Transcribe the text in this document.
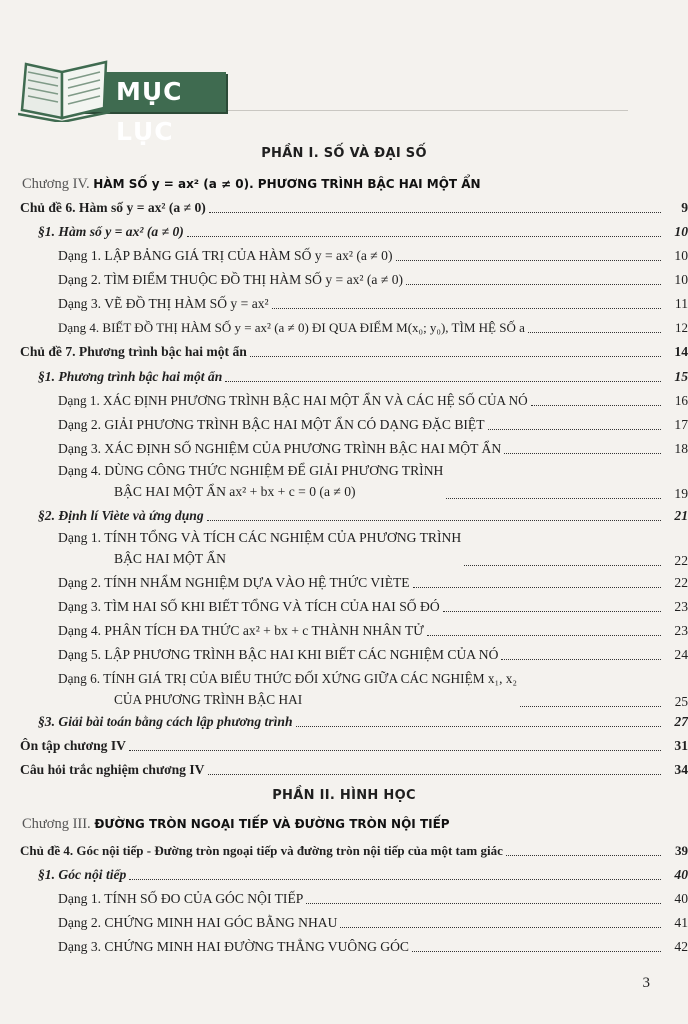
MỤC LỤC
PHẦN I. SỐ VÀ ĐẠI SỐ
Chương IV. HÀM SỐ y = ax² (a ≠ 0). PHƯƠNG TRÌNH BẬC HAI MỘT ẨN
Chủ đề 6. Hàm số y = ax² (a ≠ 0)	9
§1. Hàm số y = ax² (a ≠ 0)	10
Dạng 1. LẬP BẢNG GIÁ TRỊ CỦA HÀM SỐ y = ax² (a ≠ 0)	10
Dạng 2. TÌM ĐIỂM THUỘC ĐỒ THỊ HÀM SỐ y = ax² (a ≠ 0)	10
Dạng 3. VẼ ĐỒ THỊ HÀM SỐ y = ax²	11
Dạng 4. BIẾT ĐỒ THỊ HÀM SỐ y = ax² (a ≠ 0) ĐI QUA ĐIỂM M(x₀; y₀), TÌM HỆ SỐ a	12
Chủ đề 7. Phương trình bậc hai một ẩn	14
§1. Phương trình bậc hai một ẩn	15
Dạng 1. XÁC ĐỊNH PHƯƠNG TRÌNH BẬC HAI MỘT ẨN VÀ CÁC HỆ SỐ CỦA NÓ	16
Dạng 2. GIẢI PHƯƠNG TRÌNH BẬC HAI MỘT ẨN CÓ DẠNG ĐẶC BIỆT	17
Dạng 3. XÁC ĐỊNH SỐ NGHIỆM CỦA PHƯƠNG TRÌNH BẬC HAI MỘT ẨN	18
Dạng 4. DÙNG CÔNG THỨC NGHIỆM ĐỂ GIẢI PHƯƠNG TRÌNH
BẬC HAI MỘT ẨN ax² + bx + c = 0 (a ≠ 0)	19
§2. Định lí Viète và ứng dụng	21
Dạng 1. TÍNH TỔNG VÀ TÍCH CÁC NGHIỆM CỦA PHƯƠNG TRÌNH
BẬC HAI MỘT ẨN	22
Dạng 2. TÍNH NHẨM NGHIỆM DỰA VÀO HỆ THỨC VIÈTE	22
Dạng 3. TÌM HAI SỐ KHI BIẾT TỔNG VÀ TÍCH CỦA HAI SỐ ĐÓ	23
Dạng 4. PHÂN TÍCH ĐA THỨC ax² + bx + c THÀNH NHÂN TỬ	23
Dạng 5. LẬP PHƯƠNG TRÌNH BẬC HAI KHI BIẾT CÁC NGHIỆM CỦA NÓ	24
Dạng 6. TÍNH GIÁ TRỊ CỦA BIỂU THỨC ĐỐI XỨNG GIỮA CÁC NGHIỆM x₁, x₂
CỦA PHƯƠNG TRÌNH BẬC HAI	25
§3. Giải bài toán bằng cách lập phương trình	27
Ôn tập chương IV	31
Câu hỏi trắc nghiệm chương IV	34
PHẦN II. HÌNH HỌC
Chương III. ĐƯỜNG TRÒN NGOẠI TIẾP VÀ ĐƯỜNG TRÒN NỘI TIẾP
Chủ đề 4. Góc nội tiếp - Đường tròn ngoại tiếp và đường tròn nội tiếp của một tam giác	39
§1. Góc nội tiếp	40
Dạng 1. TÍNH SỐ ĐO CỦA GÓC NỘI TIẾP	40
Dạng 2. CHỨNG MINH HAI GÓC BẰNG NHAU	41
Dạng 3. CHỨNG MINH HAI ĐƯỜNG THẲNG VUÔNG GÓC	42
3
